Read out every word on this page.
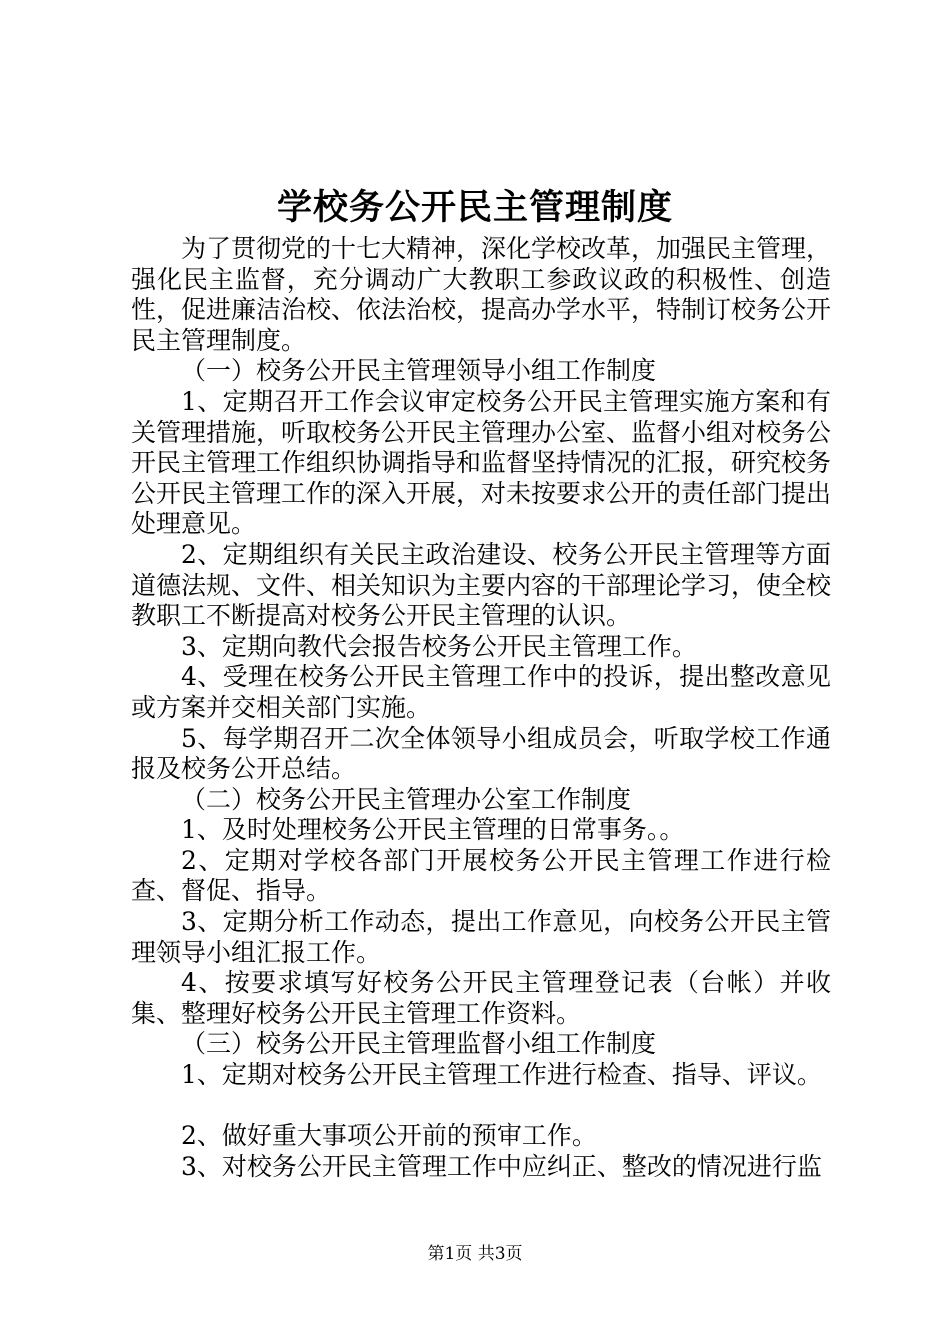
学校务公开民主管理制度

为了贯彻党的十七大精神，深化学校改革，加强民主管理，强化民主监督，充分调动广大教职工参政议政的积极性、创造性，促进廉洁治校、依法治校，提高办学水平，特制订校务公开民主管理制度。

（一）校务公开民主管理领导小组工作制度

1、定期召开工作会议审定校务公开民主管理实施方案和有关管理措施，听取校务公开民主管理办公室、监督小组对校务公开民主管理工作组织协调指导和监督坚持情况的汇报，研究校务公开民主管理工作的深入开展，对未按要求公开的责任部门提出处理意见。

2、定期组织有关民主政治建设、校务公开民主管理等方面道德法规、文件、相关知识为主要内容的干部理论学习，使全校教职工不断提高对校务公开民主管理的认识。

3、定期向教代会报告校务公开民主管理工作。

4、受理在校务公开民主管理工作中的投诉，提出整改意见或方案并交相关部门实施。

5、每学期召开二次全体领导小组成员会，听取学校工作通报及校务公开总结。

（二）校务公开民主管理办公室工作制度

1、及时处理校务公开民主管理的日常事务。。

2、定期对学校各部门开展校务公开民主管理工作进行检查、督促、指导。

3、定期分析工作动态，提出工作意见，向校务公开民主管理领导小组汇报工作。

4、按要求填写好校务公开民主管理登记表（台帐）并收集、整理好校务公开民主管理工作资料。

（三）校务公开民主管理监督小组工作制度

1、定期对校务公开民主管理工作进行检查、指导、评议。

2、做好重大事项公开前的预审工作。

3、对校务公开民主管理工作中应纠正、整改的情况进行监

第1页 共3页
